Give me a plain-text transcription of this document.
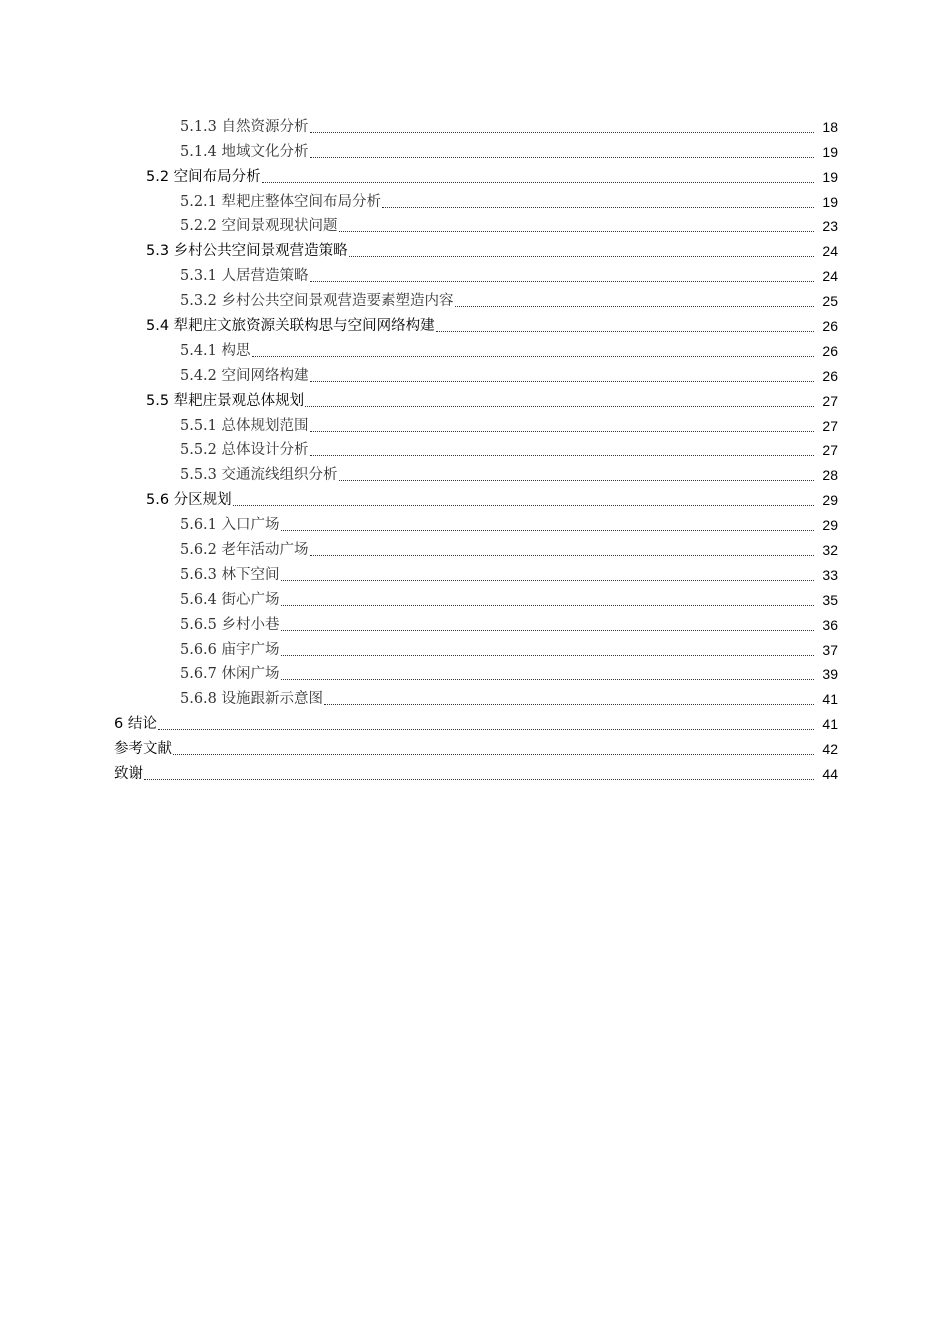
5.1.3 自然资源分析	18
5.1.4 地域文化分析	19
5.2 空间布局分析	19
5.2.1 犁耙庄整体空间布局分析	19
5.2.2 空间景观现状问题	23
5.3 乡村公共空间景观营造策略	24
5.3.1 人居营造策略	24
5.3.2 乡村公共空间景观营造要素塑造内容	25
5.4 犁耙庄文旅资源关联构思与空间网络构建	26
5.4.1 构思	26
5.4.2 空间网络构建	26
5.5 犁耙庄景观总体规划	27
5.5.1 总体规划范围	27
5.5.2 总体设计分析	27
5.5.3 交通流线组织分析	28
5.6 分区规划	29
5.6.1 入口广场	29
5.6.2 老年活动广场	32
5.6.3 林下空间	33
5.6.4 街心广场	35
5.6.5 乡村小巷	36
5.6.6 庙宇广场	37
5.6.7 休闲广场	39
5.6.8 设施跟新示意图	41
6 结论	41
参考文献	42
致谢	44
